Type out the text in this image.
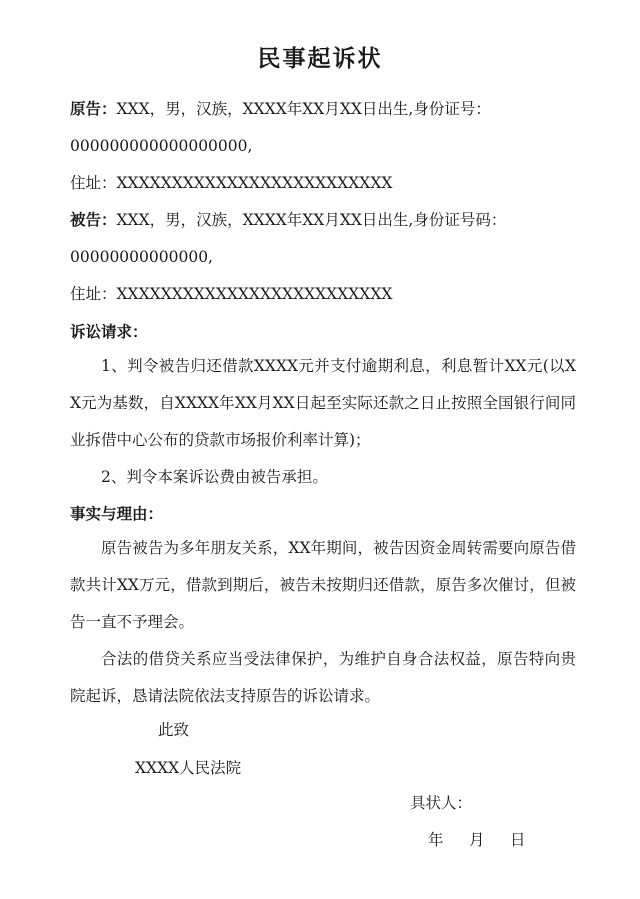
民事起诉状
原告：XXX，男，汉族，XXXX年XX月XX日出生,身份证号：
000000000000000000,
住址：XXXXXXXXXXXXXXXXXXXXXXXXX
被告：XXX，男，汉族，XXXX年XX月XX日出生,身份证号码：
00000000000000,
住址：XXXXXXXXXXXXXXXXXXXXXXXXX
诉讼请求：
1、判令被告归还借款XXXX元并支付逾期利息，利息暂计XX元(以XX元为基数，自XXXX年XX月XX日起至实际还款之日止按照全国银行间同业拆借中心公布的贷款市场报价利率计算)；
2、判令本案诉讼费由被告承担。
事实与理由：
原告被告为多年朋友关系，XX年期间，被告因资金周转需要向原告借款共计XX万元，借款到期后，被告未按期归还借款，原告多次催讨，但被告一直不予理会。
合法的借贷关系应当受法律保护，为维护自身合法权益，原告特向贵院起诉，恳请法院依法支持原告的诉讼请求。
此致
XXXX人民法院
具状人：
年 月 日
